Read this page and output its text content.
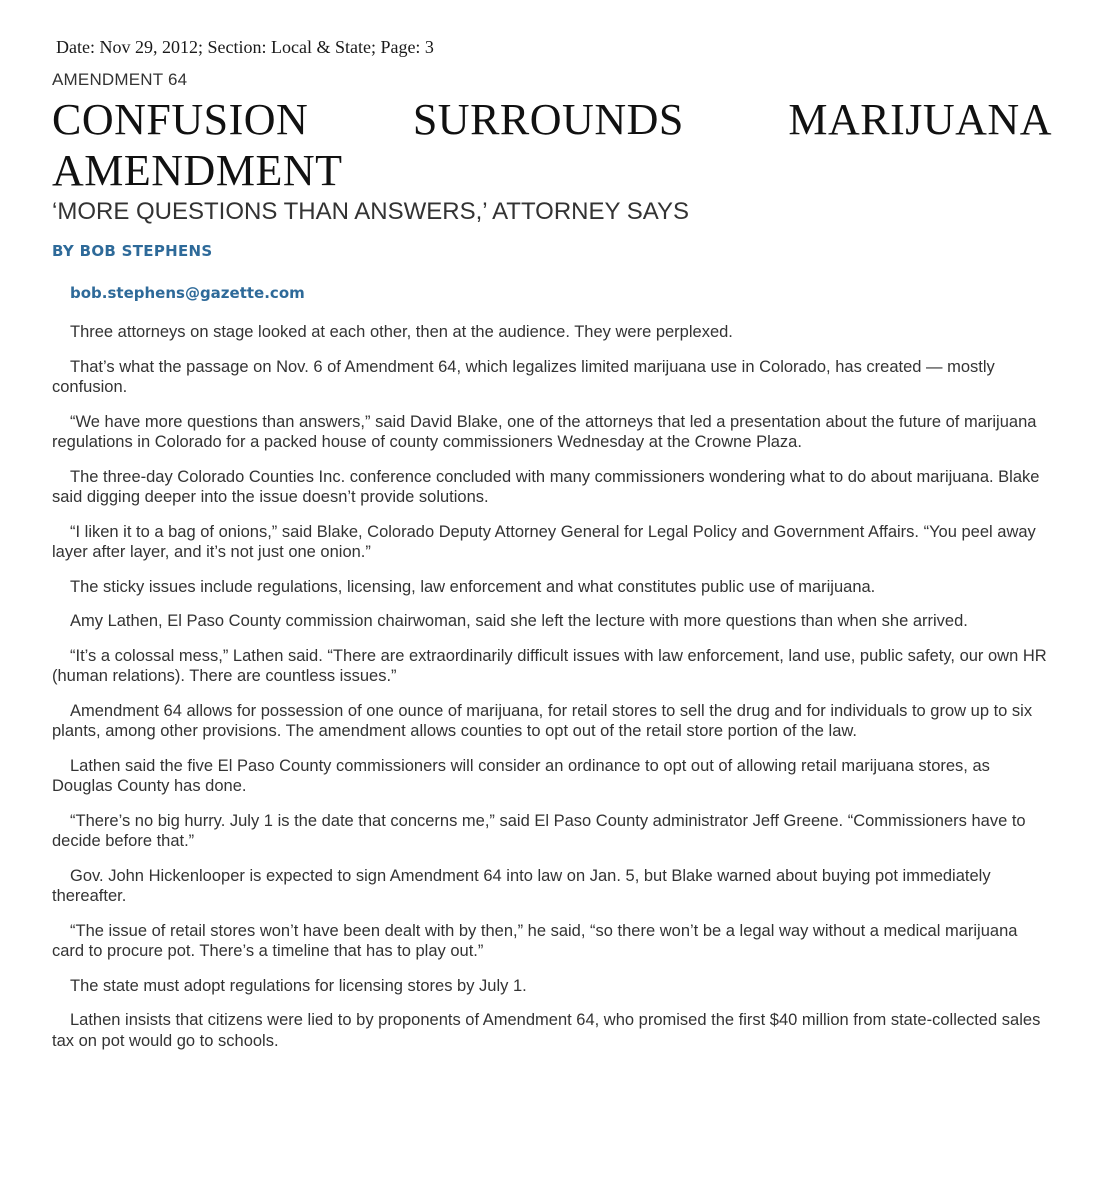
Date: Nov 29, 2012; Section: Local & State; Page: 3
AMENDMENT 64
CONFUSION SURROUNDS MARIJUANA AMENDMENT
‘MORE QUESTIONS THAN ANSWERS,’ ATTORNEY SAYS
BY BOB STEPHENS
bob.stephens@gazette.com

Three attorneys on stage looked at each other, then at the audience. They were perplexed.

That’s what the passage on Nov. 6 of Amendment 64, which legalizes limited marijuana use in Colorado, has created — mostly confusion.

“We have more questions than answers,” said David Blake, one of the attorneys that led a presentation about the future of marijuana regulations in Colorado for a packed house of county commissioners Wednesday at the Crowne Plaza.

The three-day Colorado Counties Inc. conference concluded with many commissioners wondering what to do about marijuana. Blake said digging deeper into the issue doesn’t provide solutions.

“I liken it to a bag of onions,” said Blake, Colorado Deputy Attorney General for Legal Policy and Government Affairs. “You peel away layer after layer, and it’s not just one onion.”

The sticky issues include regulations, licensing, law enforcement and what constitutes public use of marijuana.

Amy Lathen, El Paso County commission chairwoman, said she left the lecture with more questions than when she arrived.

“It’s a colossal mess,” Lathen said. “There are extraordinarily difficult issues with law enforcement, land use, public safety, our own HR (human relations). There are countless issues.”

Amendment 64 allows for possession of one ounce of marijuana, for retail stores to sell the drug and for individuals to grow up to six plants, among other provisions. The amendment allows counties to opt out of the retail store portion of the law.

Lathen said the five El Paso County commissioners will consider an ordinance to opt out of allowing retail marijuana stores, as Douglas County has done.

“There’s no big hurry. July 1 is the date that concerns me,” said El Paso County administrator Jeff Greene. “Commissioners have to decide before that.”

Gov. John Hickenlooper is expected to sign Amendment 64 into law on Jan. 5, but Blake warned about buying pot immediately thereafter.

“The issue of retail stores won’t have been dealt with by then,” he said, “so there won’t be a legal way without a medical marijuana card to procure pot. There’s a timeline that has to play out.”

The state must adopt regulations for licensing stores by July 1.

Lathen insists that citizens were lied to by proponents of Amendment 64, who promised the first $40 million from state-collected sales tax on pot would go to schools.
